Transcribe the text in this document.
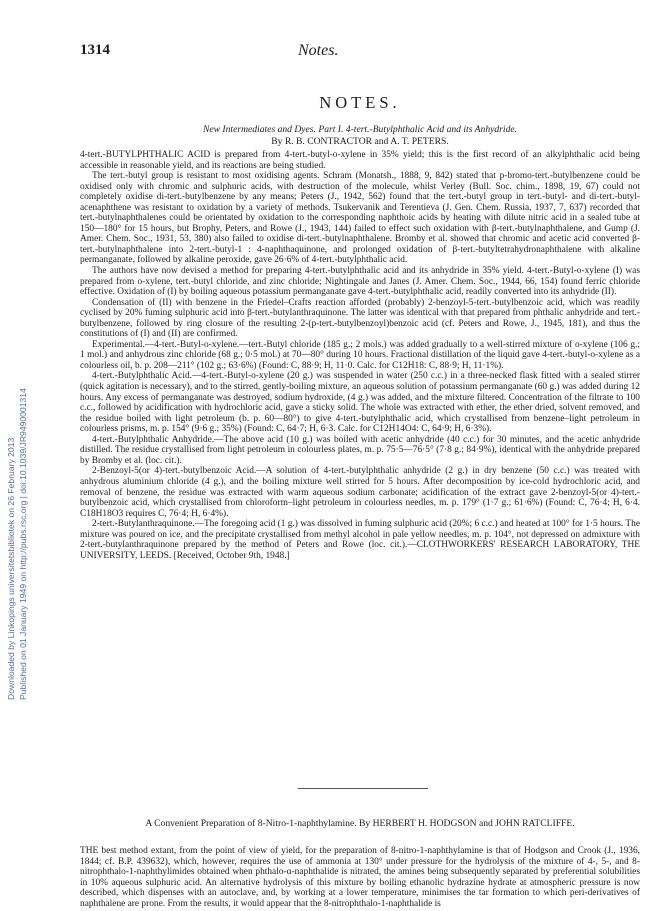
Downloaded by Linkopings universitetsbibliotek on 26 February 2013 Published on 01 January 1949 on http://pubs.rsc.org | doi:10.1039/JR9490001314
1314	Notes.
NOTES.
New Intermediates and Dyes. Part I. 4-tert.-Butylphthalic Acid and its Anhydride.
By R. B. CONTRACTOR and A. T. PETERS.

4-tert.-BUTYLPHTHALIC ACID is prepared from 4-tert.-butyl-o-xylene in 35% yield; this is the first record of an alkylphthalic acid being accessible in reasonable yield, and its reactions are being studied.

The tert.-butyl group is resistant to most oxidising agents. Schram (Monatsh., 1888, 9, 842) stated that p-bromo-tert.-butylbenzene could be oxidised only with chromic and sulphuric acids, with destruction of the molecule, whilst Verley (Bull. Soc. chim., 1898, 19, 67) could not completely oxidise di-tert.-butylbenzene by any means; Peters (J., 1942, 562) found that the tert.-butyl group in tert.-butyl- and di-tert.-butyl-acenaphthene was resistant to oxidation by a variety of methods. Tsukervanik and Terentieva (J. Gen. Chem. Russia, 1937, 7, 637) recorded that tert.-butylnaphthalenes could be orientated by oxidation to the corresponding naphthoic acids by heating with dilute nitric acid in a sealed tube at 150—180° for 15 hours, but Brophy, Peters, and Rowe (J., 1943, 144) failed to effect such oxidation with β-tert.-butylnaphthalene, and Gump (J. Amer. Chem. Soc., 1931, 53, 380) also failed to oxidise di-tert.-butylnaphthalene. Bromby et al. showed that chromic and acetic acid converted β-tert.-butylnaphthalene into 2-tert.-butyl-1 : 4-naphthaquinone, and prolonged oxidation of β-tert.-butyltetrahydronaphthalene with alkaline permanganate, followed by alkaline peroxide, gave 26·6% of 4-tert.-butylphthalic acid.

The authors have now devised a method for preparing 4-tert.-butylphthalic acid and its anhydride in 35% yield. 4-tert.-Butyl-o-xylene (I) was prepared from o-xylene, tert.-butyl chloride, and zinc chloride; Nightingale and Janes (J. Amer. Chem. Soc., 1944, 66, 154) found ferric chloride effective. Oxidation of (I) by boiling aqueous potassium permanganate gave 4-tert.-butylphthalic acid, readily converted into its anhydride (II).

Condensation of (II) with benzene in the Friedel–Crafts reaction afforded (probably) 2-benzoyl-5-tert.-butylbenzoic acid, which was readily cyclised by 20% fuming sulphuric acid into β-tert.-butylanthraquinone. The latter was identical with that prepared from phthalic anhydride and tert.-butylbenzene, followed by ring closure of the resulting 2-(p-tert.-butylbenzoyl)benzoic acid (cf. Peters and Rowe, J., 1945, 181), and thus the constitutions of (I) and (II) are confirmed.

Experimental.—4-tert.-Butyl-o-xylene.—tert.-Butyl chloride (185 g.; 2 mols.) was added gradually to a well-stirred mixture of o-xylene (106 g.; 1 mol.) and anhydrous zinc chloride (68 g.; 0·5 mol.) at 70—80° during 10 hours. Fractional distillation of the liquid gave 4-tert.-butyl-o-xylene as a colourless oil, b. p. 208—211° (102 g.; 63·6%) (Found: C, 88·9; H, 11·0. Calc. for C12H18: C, 88·9; H, 11·1%).

4-tert.-Butylphthalic Acid.—4-tert.-Butyl-o-xylene (20 g.) was suspended in water (250 c.c.) in a three-necked flask fitted with a sealed stirrer (quick agitation is necessary), and to the stirred, gently-boiling mixture, an aqueous solution of potassium permanganate (60 g.) was added during 12 hours. Any excess of permanganate was destroyed, sodium hydroxide, (4 g.) was added, and the mixture filtered. Concentration of the filtrate to 100 c.c., followed by acidification with hydrochloric acid, gave a sticky solid. The whole was extracted with ether, the ether dried, solvent removed, and the residue boiled with light petroleum (b. p. 60—80°) to give 4-tert.-butylphthalic acid, which crystallised from benzene–light petroleum in colourless prisms, m. p. 154° (9·6 g.; 35%) (Found: C, 64·7; H, 6·3. Calc. for C12H14O4: C, 64·9; H, 6·3%).

4-tert.-Butylphthalic Anhydride.—The above acid (10 g.) was boiled with acetic anhydride (40 c.c.) for 30 minutes, and the acetic anhydride distilled. The residue crystallised from light petroleum in colourless plates, m. p. 75·5—76·5° (7·8 g.; 84·9%), identical with the anhydride prepared by Bromby et al. (loc. cit.).

2-Benzoyl-5(or 4)-tert.-butylbenzoic Acid.—A solution of 4-tert.-butylphthalic anhydride (2 g.) in dry benzene (50 c.c.) was treated with anhydrous aluminium chloride (4 g.), and the boiling mixture well stirred for 5 hours. After decomposition by ice-cold hydrochloric acid, and removal of benzene, the residue was extracted with warm aqueous sodium carbonate; acidification of the extract gave 2-benzoyl-5(or 4)-tert.-butylbenzoic acid, which crystallised from chloroform–light petroleum in colourless needles, m. p. 179° (1·7 g.; 61·6%) (Found: C, 76·4; H, 6·4. C18H18O3 requires C, 76·4; H, 6·4%).

2-tert.-Butylanthraquinone.—The foregoing acid (1 g.) was dissolved in fuming sulphuric acid (20%; 6 c.c.) and heated at 100° for 1·5 hours. The mixture was poured on ice, and the precipitate crystallised from methyl alcohol in pale yellow needles, m. p. 104°, not depressed on admixture with 2-tert.-butylanthraquinone prepared by the method of Peters and Rowe (loc. cit.).—CLOTHWORKERS' RESEARCH LABORATORY, THE UNIVERSITY, LEEDS. [Received, October 9th, 1948.]

A Convenient Preparation of 8-Nitro-1-naphthylamine. By HERBERT H. HODGSON and JOHN RATCLIFFE.

THE best method extant, from the point of view of yield, for the preparation of 8-nitro-1-naphthylamine is that of Hodgson and Crook (J., 1936, 1844; cf. B.P. 439632), which, however, requires the use of ammonia at 130° under pressure for the hydrolysis of the mixture of 4-, 5-, and 8-nitrophthalo-1-naphthylimides obtained when phthalo-α-naphthalide is nitrated, the amines being subsequently separated by preferential solubilities in 10% aqueous sulphuric acid. An alternative hydrolysis of this mixture by boiling ethanolic hydrazine hydrate at atmospheric pressure is now described, which dispenses with an autoclave, and, by working at a lower temperature, minimises the tar formation to which peri-derivatives of naphthalene are prone. From the results, it would appear that the 8-nitrophthalo-1-naphthalide is
